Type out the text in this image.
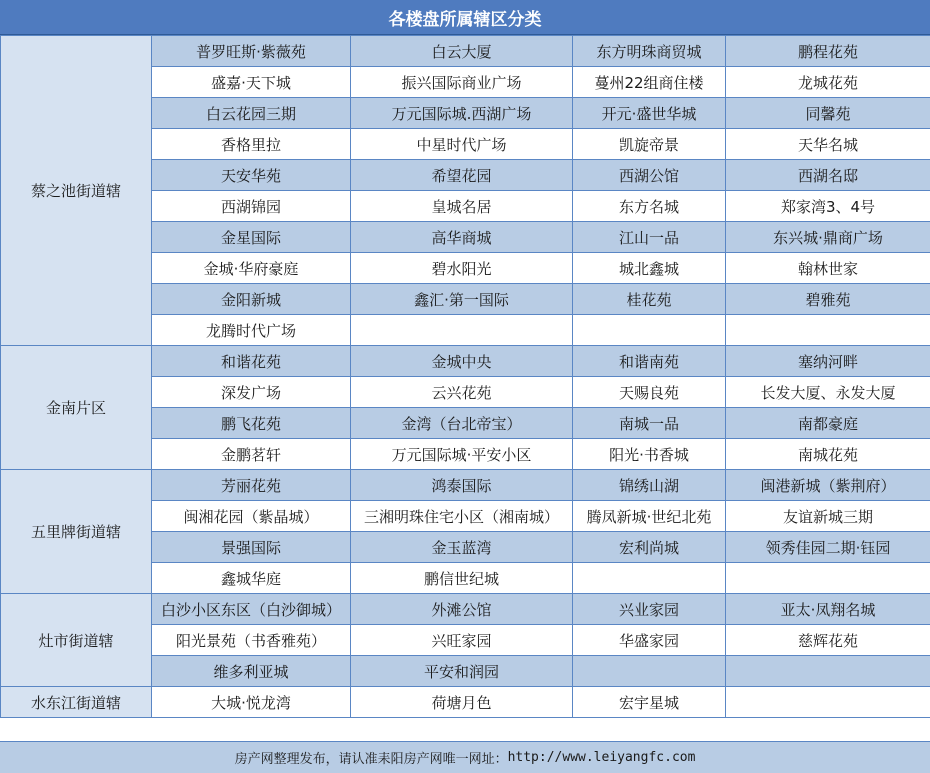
各楼盘所属辖区分类
蔡之池街道辖	普罗旺斯·紫薇苑	白云大厦	东方明珠商贸城	鹏程花苑
	盛嘉·天下城	振兴国际商业广场	蔓州22组商住楼	龙城花苑
	白云花园三期	万元国际城.西湖广场	开元·盛世华城	同馨苑
	香格里拉	中星时代广场	凯旋帝景	天华名城
	天安华苑	希望花园	西湖公馆	西湖名邸
	西湖锦园	皇城名居	东方名城	郑家湾3、4号
	金星国际	高华商城	江山一品	东兴城·鼎商广场
	金城·华府豪庭	碧水阳光	城北鑫城	翰林世家
	金阳新城	鑫汇·第一国际	桂花苑	碧雅苑
	龙腾时代广场			
金南片区	和谐花苑	金城中央	和谐南苑	塞纳河畔
	深发广场	云兴花苑	天赐良苑	长发大厦、永发大厦
	鹏飞花苑	金湾（台北帝宝）	南城一品	南都豪庭
	金鹏茗轩	万元国际城·平安小区	阳光·书香城	南城花苑
五里牌街道辖	芳丽花苑	鸿泰国际	锦绣山湖	闽港新城（紫荆府）
	闽湘花园（紫晶城）	三湘明珠住宅小区（湘南城）	腾凤新城·世纪北苑	友谊新城三期
	景强国际	金玉蓝湾	宏利尚城	领秀佳园二期·钰园
	鑫城华庭	鹏信世纪城		
灶市街道辖	白沙小区东区（白沙御城）	外滩公馆	兴业家园	亚太·凤翔名城
	阳光景苑（书香雅苑）	兴旺家园	华盛家园	慈辉花苑
	维多利亚城	平安和润园		
水东江街道辖	大城·悦龙湾	荷塘月色	宏宇星城	
房产网整理发布，请认准耒阳房产网唯一网址： http://www.leiyangfc.com
